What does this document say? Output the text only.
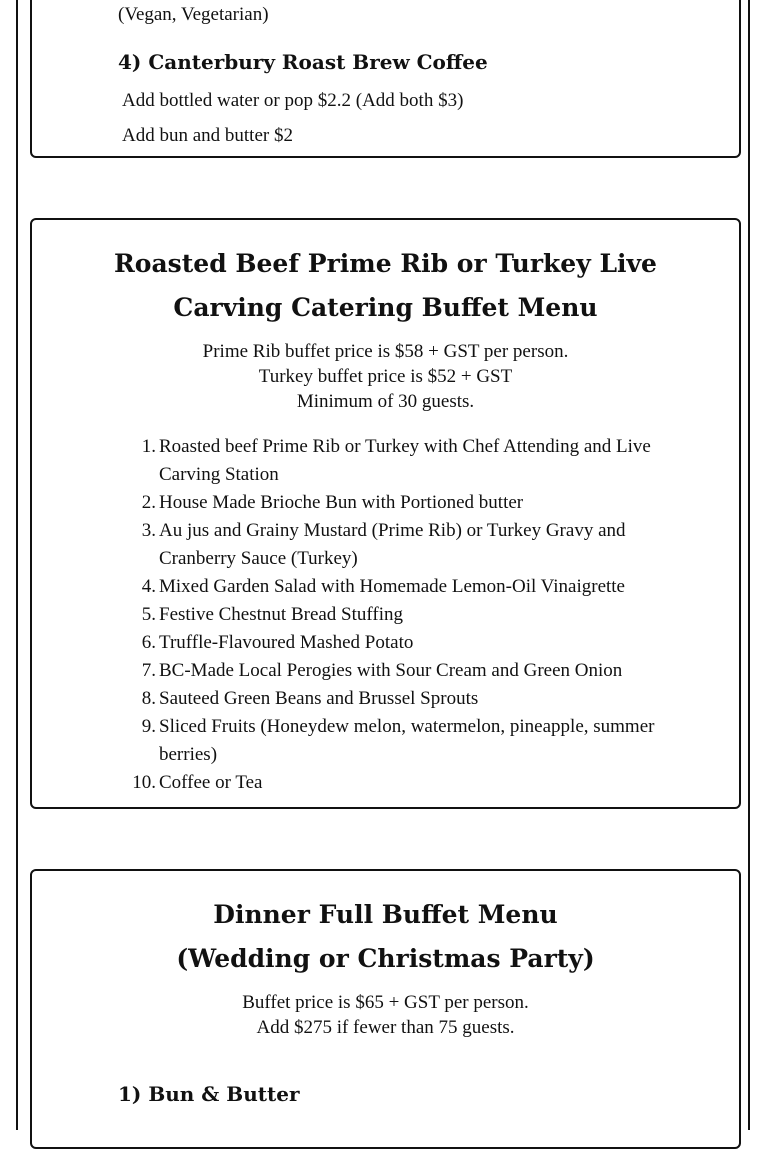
(Vegan, Vegetarian)
4) Canterbury Roast Brew Coffee
Add bottled water or pop $2.2 (Add both $3)
Add bun and butter $2
Roasted Beef Prime Rib or Turkey Live
Carving Catering Buffet Menu
Prime Rib buffet price is $58 + GST per person.
Turkey buffet price is $52 + GST
Minimum of 30 guests.
1. Roasted beef Prime Rib or Turkey with Chef Attending and Live Carving Station
2. House Made Brioche Bun with Portioned butter
3. Au jus and Grainy Mustard (Prime Rib) or Turkey Gravy and Cranberry Sauce (Turkey)
4. Mixed Garden Salad with Homemade Lemon-Oil Vinaigrette
5. Festive Chestnut Bread Stuffing
6. Truffle-Flavoured Mashed Potato
7. BC-Made Local Perogies with Sour Cream and Green Onion
8. Sauteed Green Beans and Brussel Sprouts
9. Sliced Fruits (Honeydew melon, watermelon, pineapple, summer berries)
10. Coffee or Tea
Dinner Full Buffet Menu
(Wedding or Christmas Party)
Buffet price is $65 + GST per person.
Add $275 if fewer than 75 guests.
1) Bun & Butter
